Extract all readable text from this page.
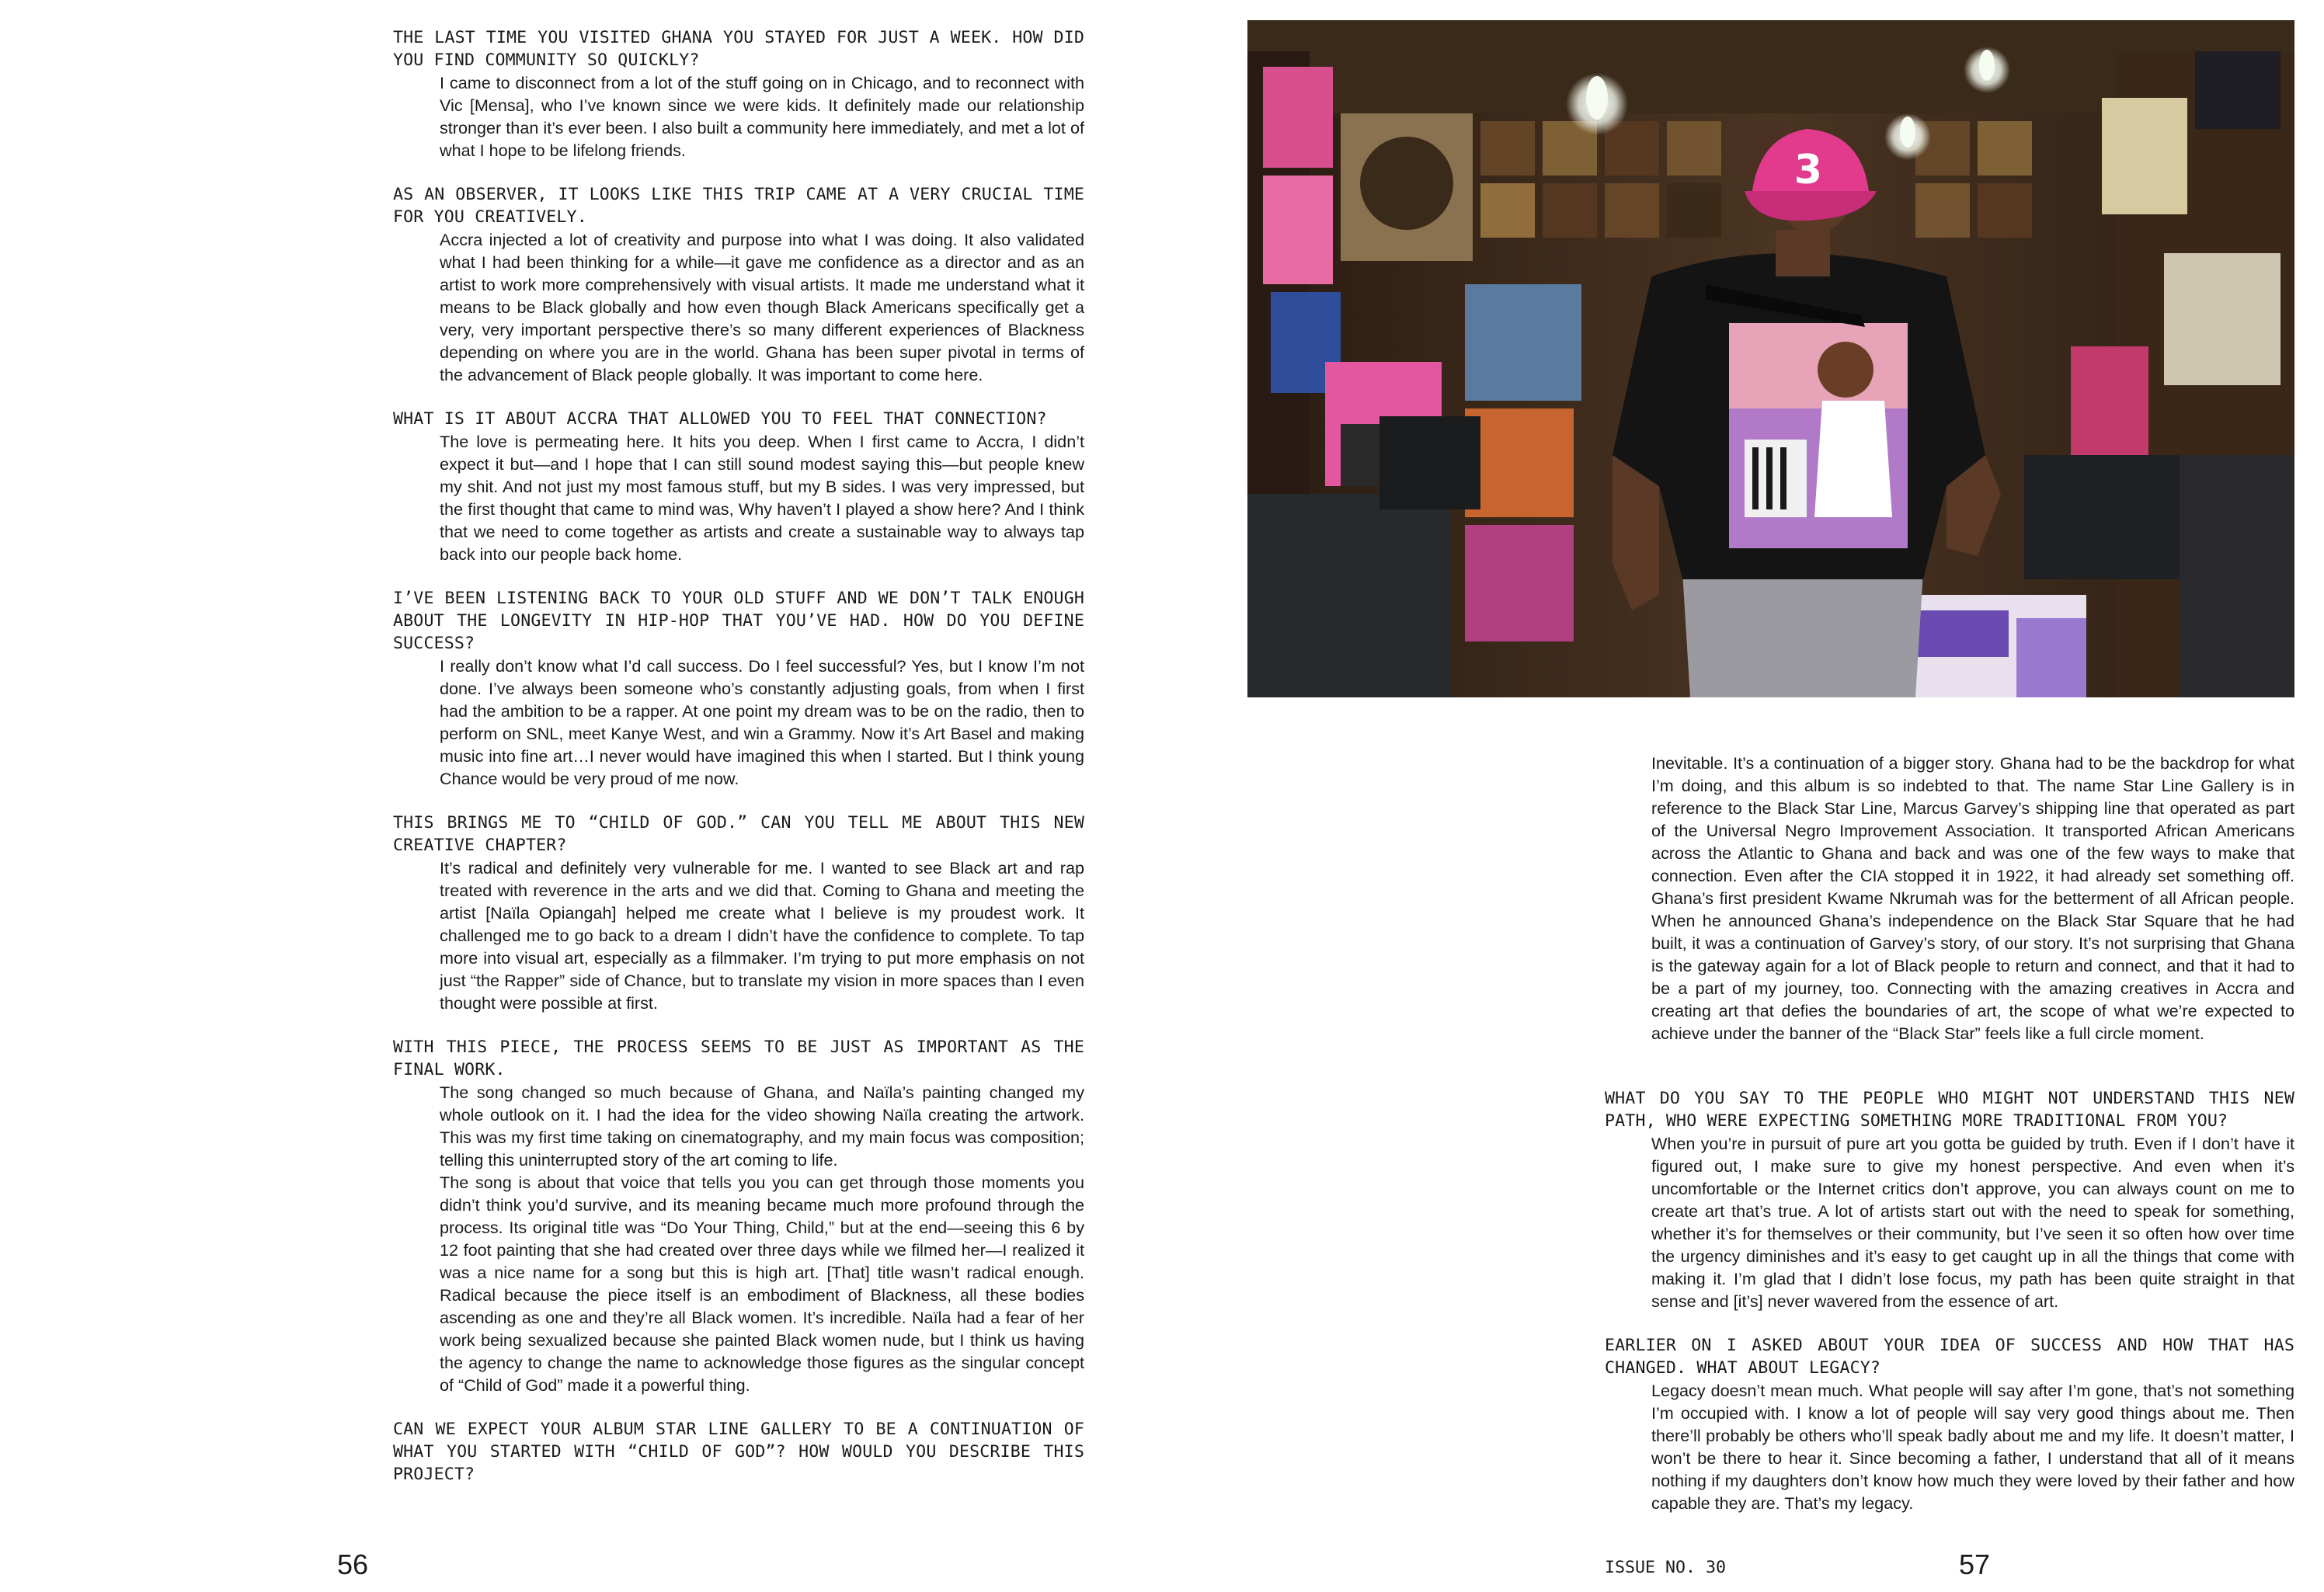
THE LAST TIME YOU VISITED GHANA YOU STAYED FOR JUST A WEEK. HOW DID YOU FIND COMMUNITY SO QUICKLY?

I came to disconnect from a lot of the stuff going on in Chicago, and to reconnect with Vic [Mensa], who I’ve known since we were kids. It definitely made our relationship stronger than it’s ever been. I also built a community here immediately, and met a lot of what I hope to be lifelong friends.

AS AN OBSERVER, IT LOOKS LIKE THIS TRIP CAME AT A VERY CRUCIAL TIME FOR YOU CREATIVELY.

Accra injected a lot of creativity and purpose into what I was doing. It also validated what I had been thinking for a while—it gave me confidence as a director and as an artist to work more comprehensively with visual artists. It made me understand what it means to be Black globally and how even though Black Americans specifically get a very, very important perspective there’s so many different experiences of Blackness depending on where you are in the world. Ghana has been super pivotal in terms of the advancement of Black people globally. It was important to come here.

WHAT IS IT ABOUT ACCRA THAT ALLOWED YOU TO FEEL THAT CONNECTION?

The love is permeating here. It hits you deep. When I first came to Accra, I didn’t expect it but—and I hope that I can still sound modest saying this—but people knew my shit. And not just my most famous stuff, but my B sides. I was very impressed, but the first thought that came to mind was, Why haven’t I played a show here? And I think that we need to come together as artists and create a sustainable way to always tap back into our people back home.

I’VE BEEN LISTENING BACK TO YOUR OLD STUFF AND WE DON’T TALK ENOUGH ABOUT THE LONGEVITY IN HIP-HOP THAT YOU’VE HAD. HOW DO YOU DEFINE SUCCESS?

I really don’t know what I’d call success. Do I feel successful? Yes, but I know I’m not done. I’ve always been someone who’s constantly adjusting goals, from when I first had the ambition to be a rapper. At one point my dream was to be on the radio, then to perform on SNL, meet Kanye West, and win a Grammy. Now it’s Art Basel and making music into fine art…I never would have imagined this when I started. But I think young Chance would be very proud of me now.

THIS BRINGS ME TO “CHILD OF GOD.” CAN YOU TELL ME ABOUT THIS NEW CREATIVE CHAPTER?

It’s radical and definitely very vulnerable for me. I wanted to see Black art and rap treated with reverence in the arts and we did that. Coming to Ghana and meeting the artist [Naïla Opiangah] helped me create what I believe is my proudest work. It challenged me to go back to a dream I didn’t have the confidence to complete. To tap more into visual art, especially as a filmmaker. I’m trying to put more emphasis on not just “the Rapper” side of Chance, but to translate my vision in more spaces than I even thought were possible at first.

WITH THIS PIECE, THE PROCESS SEEMS TO BE JUST AS IMPORTANT AS THE FINAL WORK.

The song changed so much because of Ghana, and Naïla’s painting changed my whole outlook on it. I had the idea for the video showing Naïla creating the artwork. This was my first time taking on cinematography, and my main focus was composition; telling this uninterrupted story of the art coming to life.

The song is about that voice that tells you you can get through those moments you didn’t think you’d survive, and its meaning became much more profound through the process. Its original title was “Do Your Thing, Child,” but at the end—seeing this 6 by 12 foot painting that she had created over three days while we filmed her—I realized it was a nice name for a song but this is high art. [That] title wasn’t radical enough. Radical because the piece itself is an embodiment of Blackness, all these bodies ascending as one and they’re all Black women. It’s incredible. Naïla had a fear of her work being sexualized because she painted Black women nude, but I think us having the agency to change the name to acknowledge those figures as the singular concept of “Child of God” made it a powerful thing.

CAN WE EXPECT YOUR ALBUM STAR LINE GALLERY TO BE A CONTINUATION OF WHAT YOU STARTED WITH “CHILD OF GOD”? HOW WOULD YOU DESCRIBE THIS PROJECT?

3

Inevitable. It’s a continuation of a bigger story. Ghana had to be the backdrop for what I’m doing, and this album is so indebted to that. The name Star Line Gallery is in reference to the Black Star Line, Marcus Garvey’s shipping line that operated as part of the Universal Negro Improvement Association. It transported African Americans across the Atlantic to Ghana and back and was one of the few ways to make that connection. Even after the CIA stopped it in 1922, it had already set something off. Ghana’s first president Kwame Nkrumah was for the betterment of all African people. When he announced Ghana’s independence on the Black Star Square that he had built, it was a continuation of Garvey’s story, of our story. It’s not surprising that Ghana is the gateway again for a lot of Black people to return and connect, and that it had to be a part of my journey, too. Connecting with the amazing creatives in Accra and creating art that defies the boundaries of art, the scope of what we’re expected to achieve under the banner of the “Black Star” feels like a full circle moment.

WHAT DO YOU SAY TO THE PEOPLE WHO MIGHT NOT UNDERSTAND THIS NEW PATH, WHO WERE EXPECTING SOMETHING MORE TRADITIONAL FROM YOU?

When you’re in pursuit of pure art you gotta be guided by truth. Even if I don’t have it figured out, I make sure to give my honest perspective. And even when it’s uncomfortable or the Internet critics don’t approve, you can always count on me to create art that’s true. A lot of artists start out with the need to speak for something, whether it’s for themselves or their community, but I’ve seen it so often how over time the urgency diminishes and it’s easy to get caught up in all the things that come with making it. I’m glad that I didn’t lose focus, my path has been quite straight in that sense and [it’s] never wavered from the essence of art.

EARLIER ON I ASKED ABOUT YOUR IDEA OF SUCCESS AND HOW THAT HAS CHANGED. WHAT ABOUT LEGACY?

Legacy doesn’t mean much. What people will say after I’m gone, that’s not something I’m occupied with. I know a lot of people will say very good things about me. Then there’ll probably be others who’ll speak badly about me and my life. It doesn’t matter, I won’t be there to hear it. Since becoming a father, I understand that all of it means nothing if my daughters don’t know how much they were loved by their father and how capable they are. That’s my legacy.

56	ISSUE NO. 30	57
